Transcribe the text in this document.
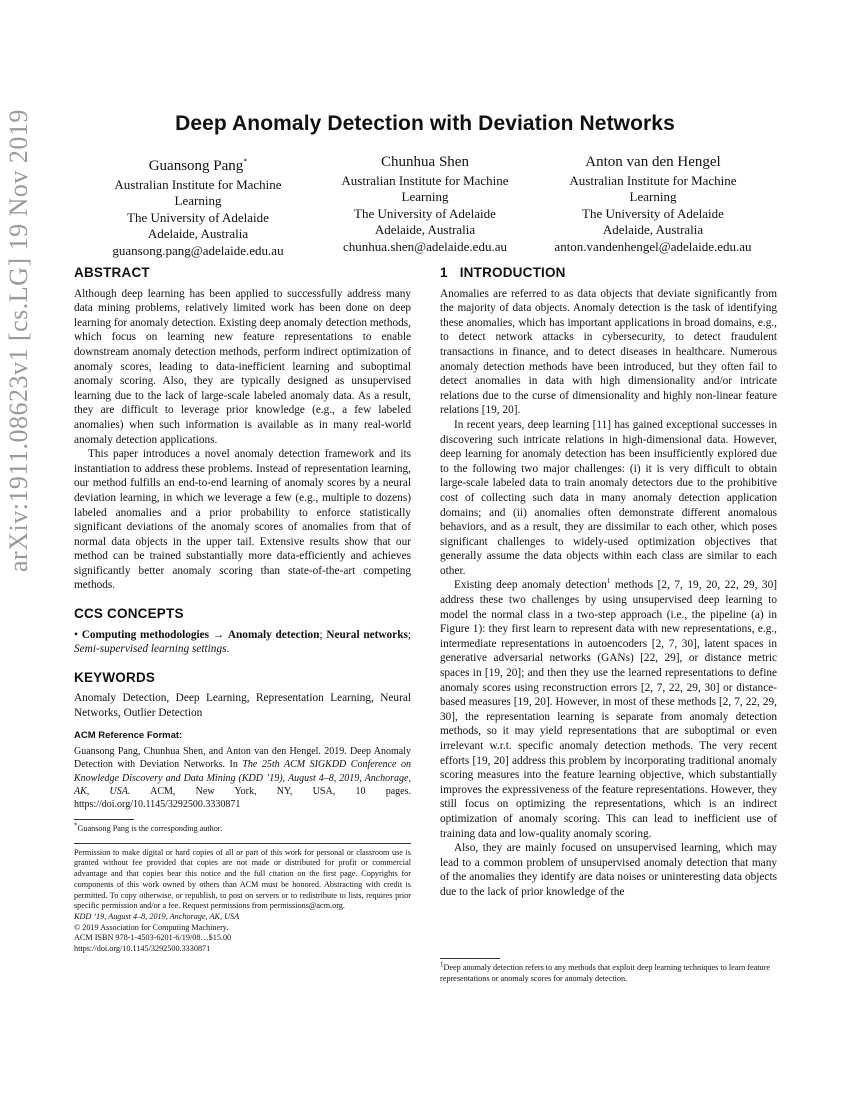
arXiv:1911.08623v1 [cs.LG] 19 Nov 2019	Deep Anomaly Detection with Deviation Networks
Guansong Pang*
Australian Institute for Machine
Learning
The University of Adelaide
Adelaide, Australia
guansong.pang@adelaide.edu.au
Chunhua Shen
Australian Institute for Machine
Learning
The University of Adelaide
Adelaide, Australia
chunhua.shen@adelaide.edu.au
Anton van den Hengel
Australian Institute for Machine
Learning
The University of Adelaide
Adelaide, Australia
anton.vandenhengel@adelaide.edu.au
ABSTRACT

Although deep learning has been applied to successfully address many data mining problems, relatively limited work has been done on deep learning for anomaly detection. Existing deep anomaly detection methods, which focus on learning new feature representations to enable downstream anomaly detection methods, perform indirect optimization of anomaly scores, leading to data-inefficient learning and suboptimal anomaly scoring. Also, they are typically designed as unsupervised learning due to the lack of large-scale labeled anomaly data. As a result, they are difficult to leverage prior knowledge (e.g., a few labeled anomalies) when such information is available as in many real-world anomaly detection applications.

This paper introduces a novel anomaly detection framework and its instantiation to address these problems. Instead of representation learning, our method fulfills an end-to-end learning of anomaly scores by a neural deviation learning, in which we leverage a few (e.g., multiple to dozens) labeled anomalies and a prior probability to enforce statistically significant deviations of the anomaly scores of anomalies from that of normal data objects in the upper tail. Extensive results show that our method can be trained substantially more data-efficiently and achieves significantly better anomaly scoring than state-of-the-art competing methods.

CCS CONCEPTS

• Computing methodologies → Anomaly detection; Neural networks; Semi-supervised learning settings.

KEYWORDS

Anomaly Detection, Deep Learning, Representation Learning, Neural Networks, Outlier Detection

ACM Reference Format:

Guansong Pang, Chunhua Shen, and Anton van den Hengel. 2019. Deep Anomaly Detection with Deviation Networks. In The 25th ACM SIGKDD Conference on Knowledge Discovery and Data Mining (KDD ’19), August 4–8, 2019, Anchorage, AK, USA. ACM, New York, NY, USA, 10 pages. https://doi.org/10.1145/3292500.3330871

*Guansong Pang is the corresponding author.

Permission to make digital or hard copies of all or part of this work for personal or classroom use is granted without fee provided that copies are not made or distributed for profit or commercial advantage and that copies bear this notice and the full citation on the first page. Copyrights for components of this work owned by others than ACM must be honored. Abstracting with credit is permitted. To copy otherwise, or republish, to post on servers or to redistribute to lists, requires prior specific permission and/or a fee. Request permissions from permissions@acm.org.

KDD ’19, August 4–8, 2019, Anchorage, AK, USA
© 2019 Association for Computing Machinery.
ACM ISBN 978-1-4503-6201-6/19/08…$15.00
https://doi.org/10.1145/3292500.3330871
1 INTRODUCTION

Anomalies are referred to as data objects that deviate significantly from the majority of data objects. Anomaly detection is the task of identifying these anomalies, which has important applications in broad domains, e.g., to detect network attacks in cybersecurity, to detect fraudulent transactions in finance, and to detect diseases in healthcare. Numerous anomaly detection methods have been introduced, but they often fail to detect anomalies in data with high dimensionality and/or intricate relations due to the curse of dimensionality and highly non-linear feature relations [19, 20].

In recent years, deep learning [11] has gained exceptional successes in discovering such intricate relations in high-dimensional data. However, deep learning for anomaly detection has been insufficiently explored due to the following two major challenges: (i) it is very difficult to obtain large-scale labeled data to train anomaly detectors due to the prohibitive cost of collecting such data in many anomaly detection application domains; and (ii) anomalies often demonstrate different anomalous behaviors, and as a result, they are dissimilar to each other, which poses significant challenges to widely-used optimization objectives that generally assume the data objects within each class are similar to each other.

Existing deep anomaly detection$^1$ methods [2, 7, 19, 20, 22, 29, 30] address these two challenges by using unsupervised deep learning to model the normal class in a two-step approach (i.e., the pipeline (a) in Figure 1): they first learn to represent data with new representations, e.g., intermediate representations in autoencoders [2, 7, 30], latent spaces in generative adversarial networks (GANs) [22, 29], or distance metric spaces in [19, 20]; and then they use the learned representations to define anomaly scores using reconstruction errors [2, 7, 22, 29, 30] or distance-based measures [19, 20]. However, in most of these methods [2, 7, 22, 29, 30], the representation learning is separate from anomaly detection methods, so it may yield representations that are suboptimal or even irrelevant w.r.t. specific anomaly detection methods. The very recent efforts [19, 20] address this problem by incorporating traditional anomaly scoring measures into the feature learning objective, which substantially improves the expressiveness of the feature representations. However, they still focus on optimizing the representations, which is an indirect optimization of anomaly scoring. This can lead to inefficient use of training data and low-quality anomaly scoring.

Also, they are mainly focused on unsupervised learning, which may lead to a common problem of unsupervised anomaly detection that many of the anomalies they identify are data noises or uninteresting data objects due to the lack of prior knowledge of the

$^1$Deep anomaly detection refers to any methods that exploit deep learning techniques to learn feature representations or anomaly scores for anomaly detection.
